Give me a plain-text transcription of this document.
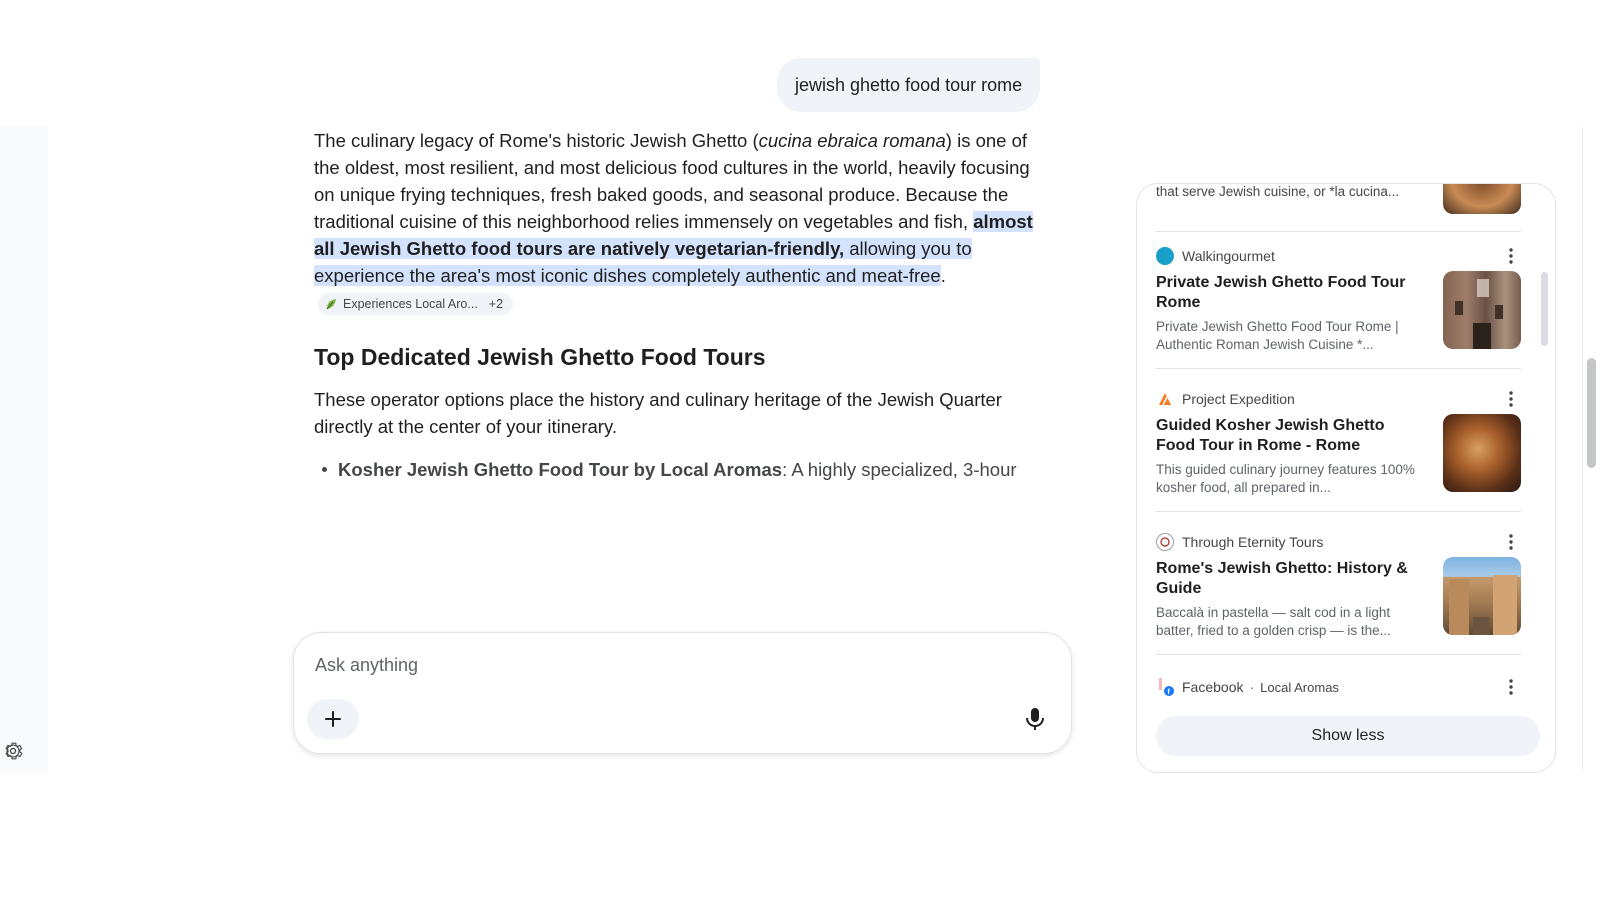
jewish ghetto food tour rome

The culinary legacy of Rome's historic Jewish Ghetto (cucina ebraica romana) is one of the oldest, most resilient, and most delicious food cultures in the world, heavily focusing on unique frying techniques, fresh baked goods, and seasonal produce. Because the traditional cuisine of this neighborhood relies immensely on vegetables and fish, almost all Jewish Ghetto food tours are natively vegetarian-friendly, allowing you to experience the area's most iconic dishes completely authentic and meat-free.
Experiences Local Aro... +2

Top Dedicated Jewish Ghetto Food Tours

These operator options place the history and culinary heritage of the Jewish Quarter directly at the center of your itinerary.

Kosher Jewish Ghetto Food Tour by Local Aromas: A highly specialized, 3-hour
Ask anything
that serve Jewish cuisine, or *la cucina...
Walkingourmet
Private Jewish Ghetto Food Tour Rome
Private Jewish Ghetto Food Tour Rome | Authentic Roman Jewish Cuisine *...
Project Expedition
Guided Kosher Jewish Ghetto Food Tour in Rome - Rome
This guided culinary journey features 100% kosher food, all prepared in...
Through Eternity Tours
Rome's Jewish Ghetto: History & Guide
Baccalà in pastella — salt cod in a light batter, fried to a golden crisp — is the...
f Facebook · Local Aromas
Show less
